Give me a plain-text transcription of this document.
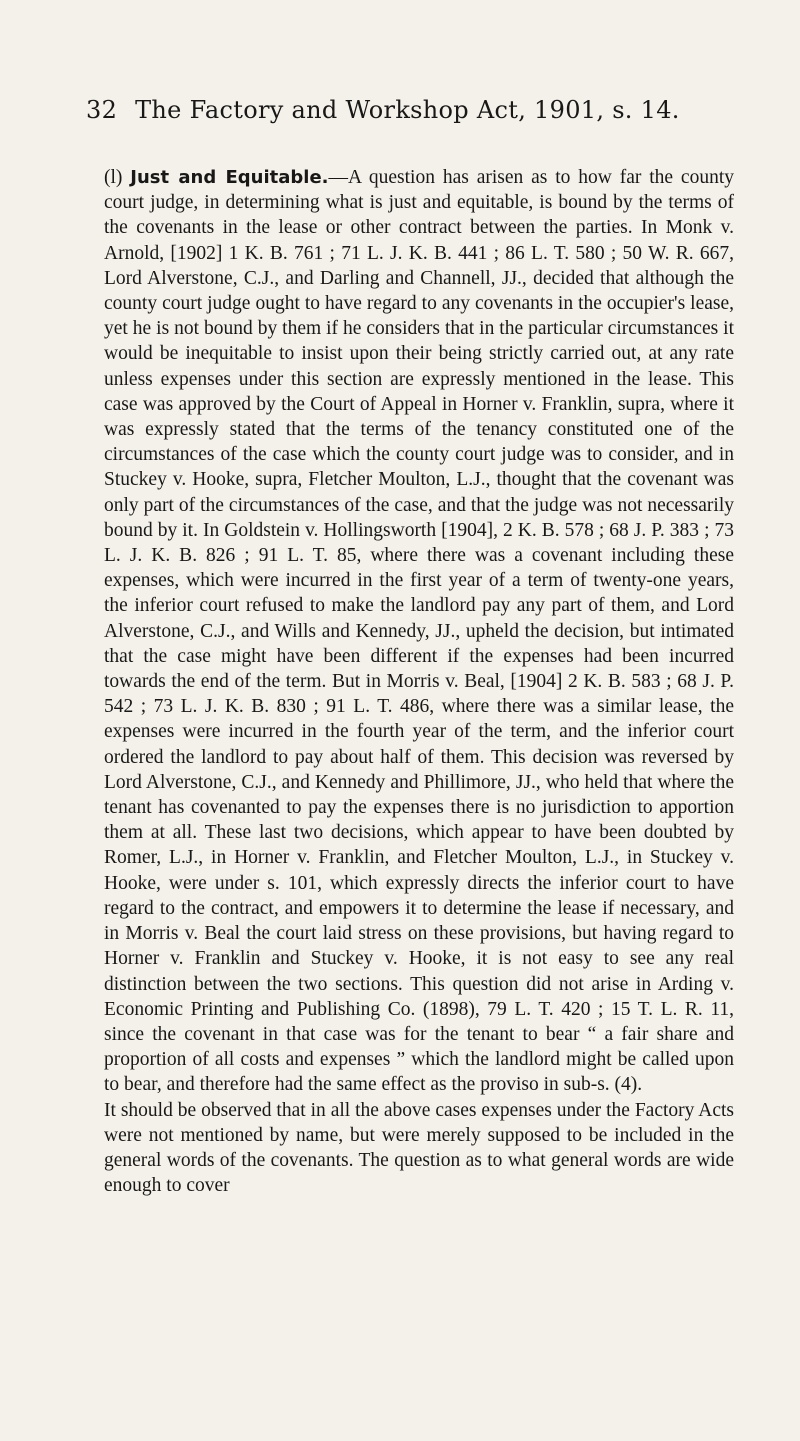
32 The Factory and Workshop Act, 1901, s. 14.

(l) Just and Equitable.—A question has arisen as to how far the county court judge, in determining what is just and equitable, is bound by the terms of the covenants in the lease or other contract between the parties. In Monk v. Arnold, [1902] 1 K. B. 761 ; 71 L. J. K. B. 441 ; 86 L. T. 580 ; 50 W. R. 667, Lord Alverstone, C.J., and Darling and Channell, JJ., decided that although the county court judge ought to have regard to any covenants in the occupier's lease, yet he is not bound by them if he considers that in the particular circumstances it would be inequitable to insist upon their being strictly carried out, at any rate unless expenses under this section are expressly mentioned in the lease. This case was approved by the Court of Appeal in Horner v. Franklin, supra, where it was expressly stated that the terms of the tenancy constituted one of the circumstances of the case which the county court judge was to consider, and in Stuckey v. Hooke, supra, Fletcher Moulton, L.J., thought that the covenant was only part of the circumstances of the case, and that the judge was not necessarily bound by it. In Goldstein v. Hollingsworth [1904], 2 K. B. 578 ; 68 J. P. 383 ; 73 L. J. K. B. 826 ; 91 L. T. 85, where there was a covenant including these expenses, which were incurred in the first year of a term of twenty-one years, the inferior court refused to make the landlord pay any part of them, and Lord Alverstone, C.J., and Wills and Kennedy, JJ., upheld the decision, but intimated that the case might have been different if the expenses had been incurred towards the end of the term. But in Morris v. Beal, [1904] 2 K. B. 583 ; 68 J. P. 542 ; 73 L. J. K. B. 830 ; 91 L. T. 486, where there was a similar lease, the expenses were incurred in the fourth year of the term, and the inferior court ordered the landlord to pay about half of them. This decision was reversed by Lord Alverstone, C.J., and Kennedy and Phillimore, JJ., who held that where the tenant has covenanted to pay the expenses there is no jurisdiction to apportion them at all. These last two decisions, which appear to have been doubted by Romer, L.J., in Horner v. Franklin, and Fletcher Moulton, L.J., in Stuckey v. Hooke, were under s. 101, which expressly directs the inferior court to have regard to the contract, and empowers it to determine the lease if necessary, and in Morris v. Beal the court laid stress on these provisions, but having regard to Horner v. Franklin and Stuckey v. Hooke, it is not easy to see any real distinction between the two sections. This question did not arise in Arding v. Economic Printing and Publishing Co. (1898), 79 L. T. 420 ; 15 T. L. R. 11, since the covenant in that case was for the tenant to bear “ a fair share and proportion of all costs and expenses ” which the landlord might be called upon to bear, and therefore had the same effect as the proviso in sub-s. (4).

It should be observed that in all the above cases expenses under the Factory Acts were not mentioned by name, but were merely supposed to be included in the general words of the covenants. The question as to what general words are wide enough to cover
